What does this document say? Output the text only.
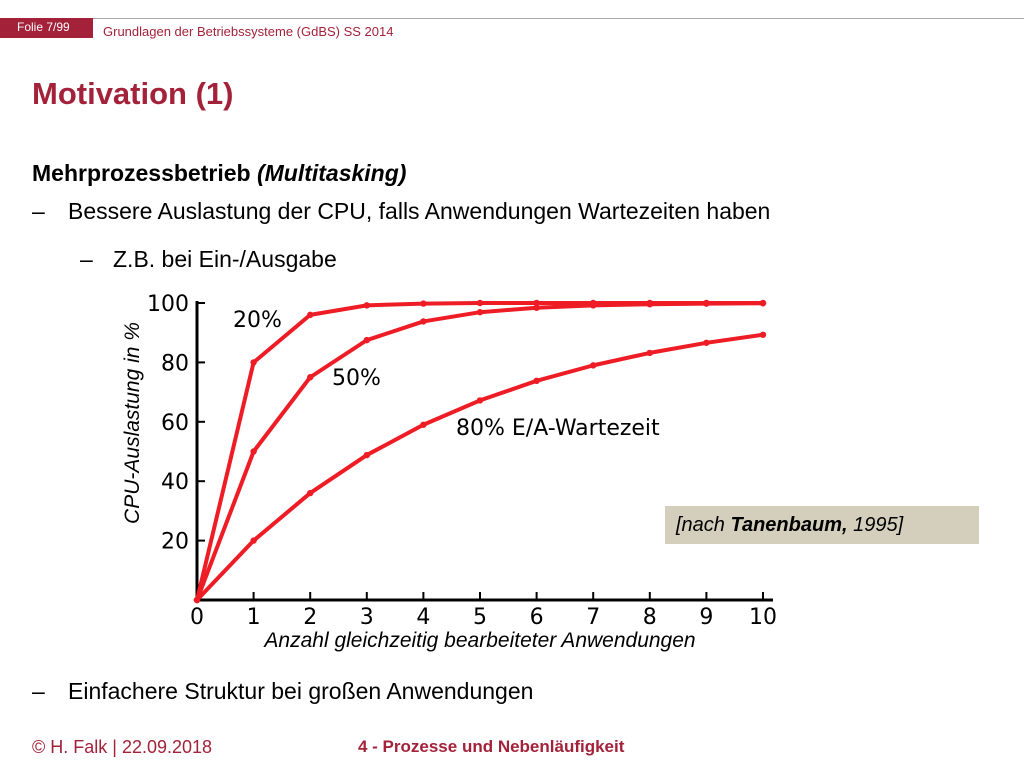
Folie 7/99	Grundlagen der Betriebssysteme (GdBS) SS 2014
Motivation (1)
Mehrprozessbetrieb (Multitasking)
– Bessere Auslastung der CPU, falls Anwendungen Wartezeiten haben
– Z.B. bei Ein-/Ausgabe
0 1 2 3 4 5 6 7 8 9 10
20
40
60
80
100
20%
50%
80% E/A-Wartezeit
Anzahl gleichzeitig bearbeiteter Anwendungen
CPU-Auslastung in %
[nach Tanenbaum, 1995]
– Einfachere Struktur bei großen Anwendungen
© H. Falk | 22.09.2018	4 - Prozesse und Nebenläufigkeit
